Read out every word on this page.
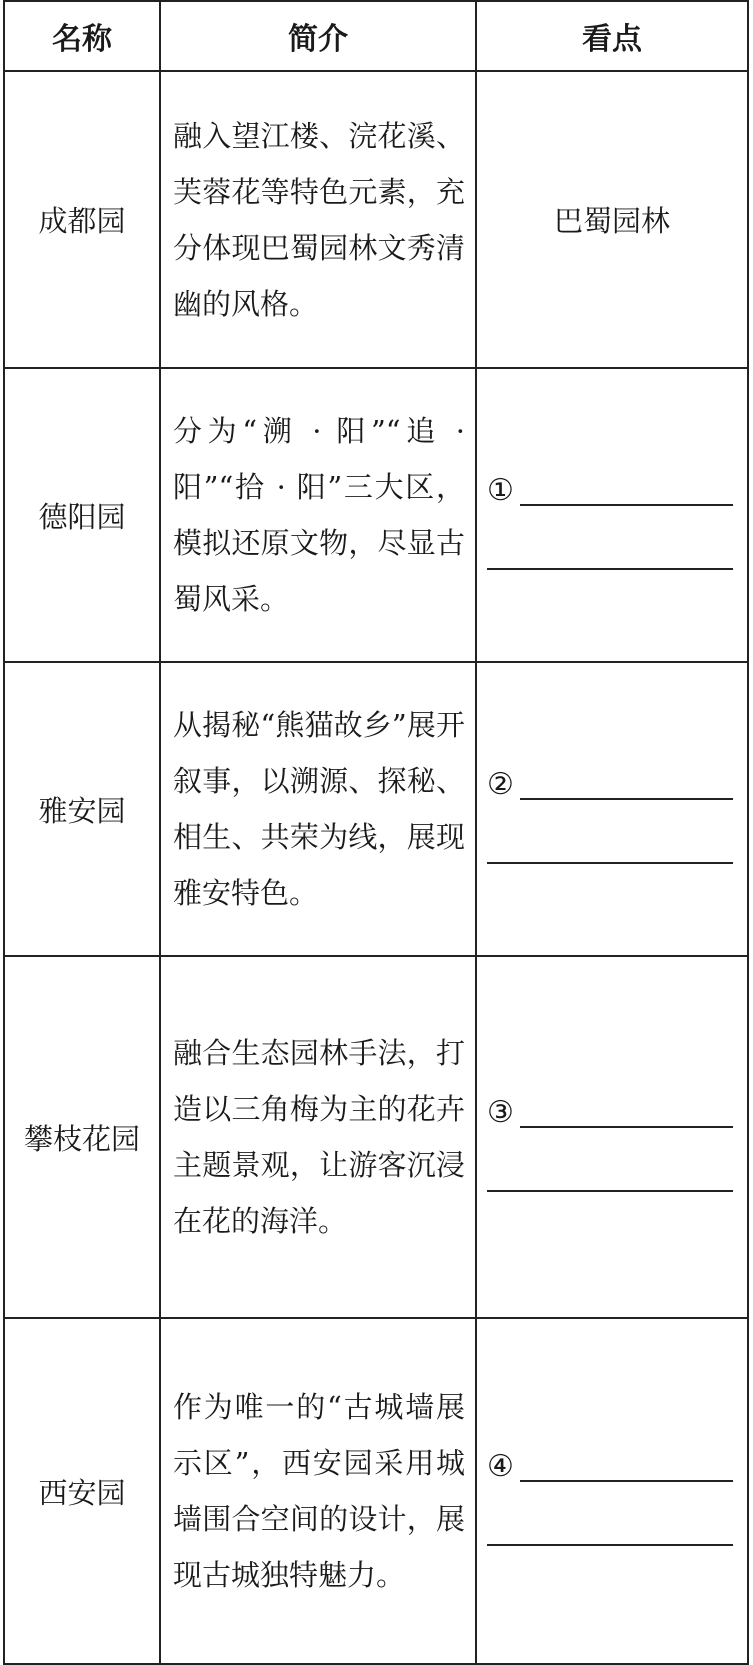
名称	简介	看点
成都园	融入望江楼、浣花溪、芙蓉花等特色元素，充分体现巴蜀园林文秀清幽的风格。	巴蜀园林
德阳园	分为“溯 · 阳”“追 · 阳”“拾 · 阳”三大区，模拟还原文物，尽显古蜀风采。	①

雅安园	从揭秘“熊猫故乡”展开叙事，以溯源、探秘、相生、共荣为线，展现雅安特色。	②

攀枝花园	融合生态园林手法，打造以三角梅为主的花卉主题景观，让游客沉浸在花的海洋。	③

西安园	作为唯一的“古城墙展示区”，西安园采用城墙围合空间的设计，展现古城独特魅力。	④
